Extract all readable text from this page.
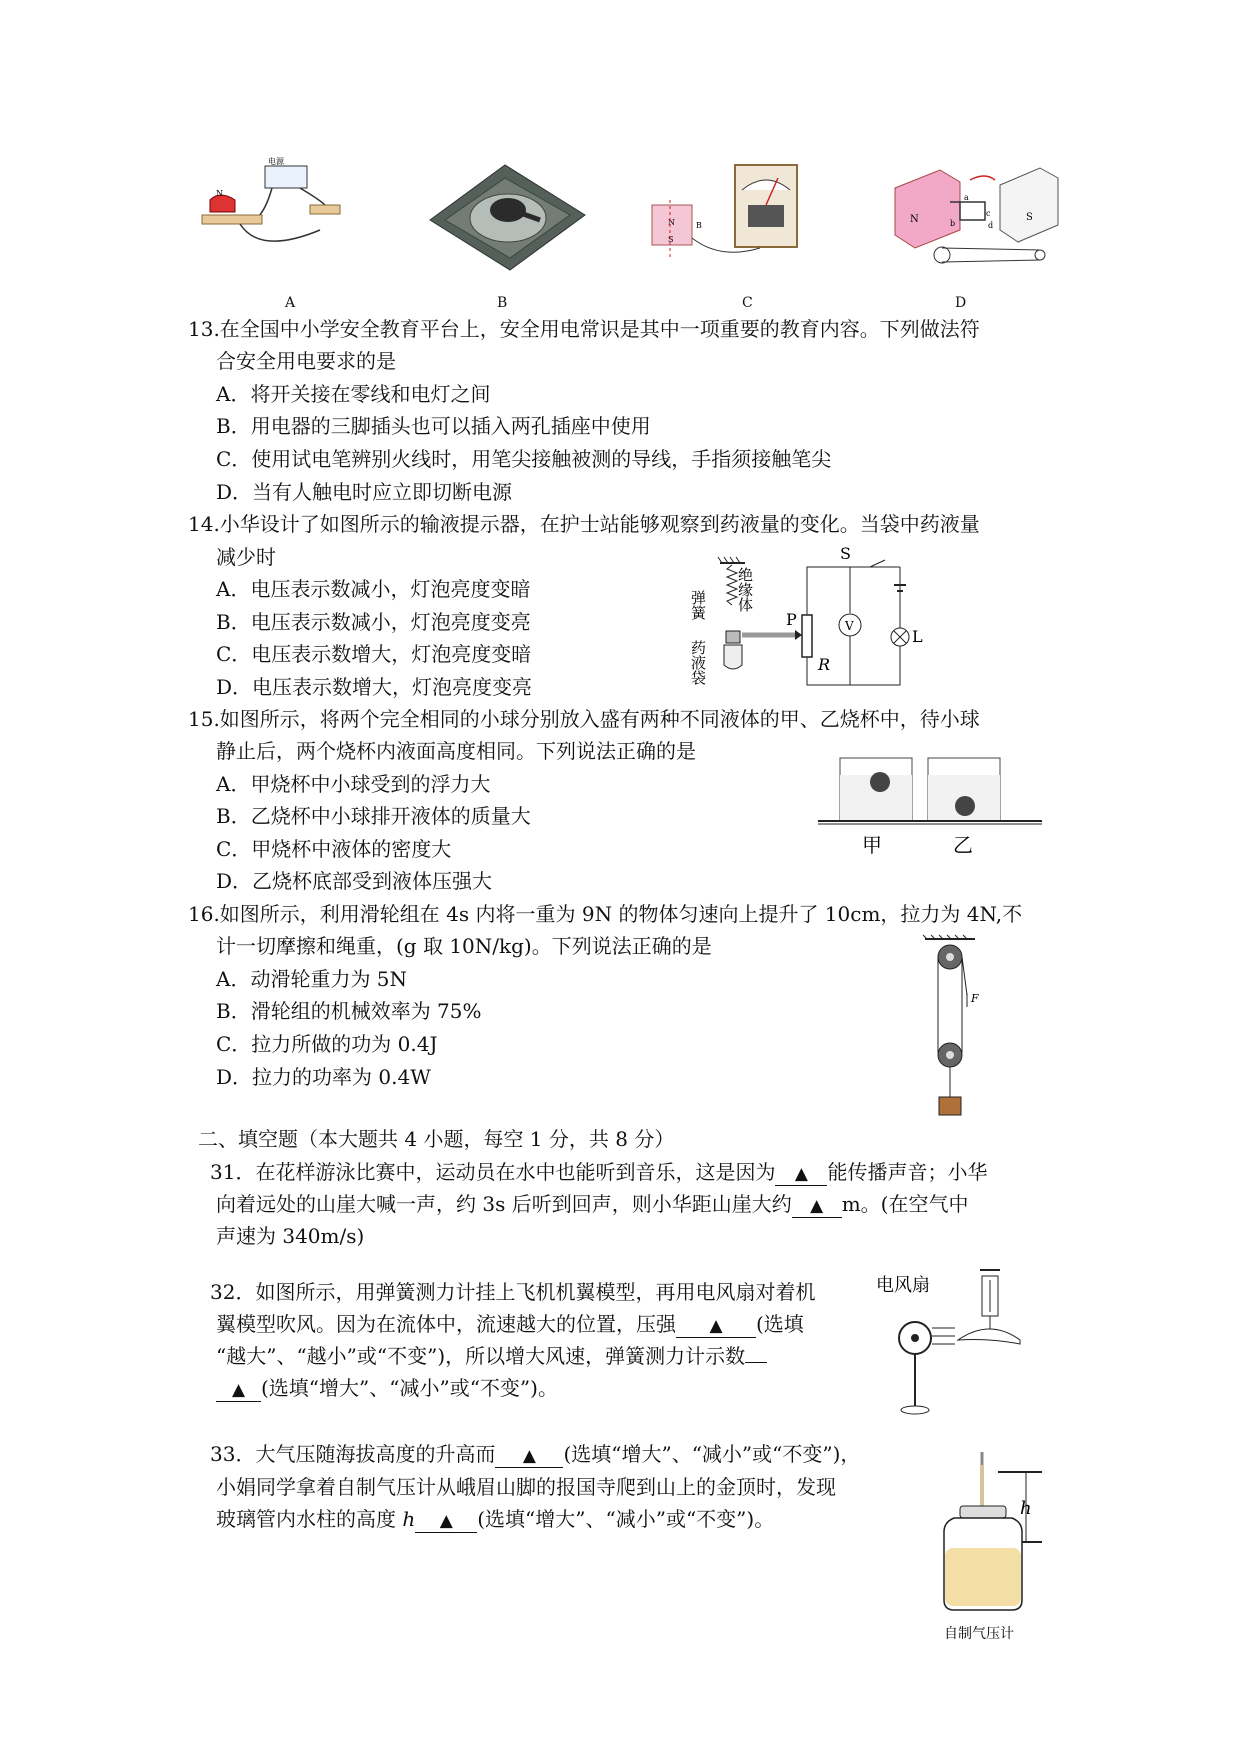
电源
N
A	B
N
S
B
C
N	S
a
b
c
d
D
13.在全国中小学安全教育平台上，安全用电常识是其中一项重要的教育内容。下列做法符
合安全用电要求的是
A．将开关接在零线和电灯之间
B．用电器的三脚插头也可以插入两孔插座中使用
C．使用试电笔辨别火线时，用笔尖接触被测的导线，手指须接触笔尖
D．当有人触电时应立即切断电源
14.小华设计了如图所示的输液提示器，在护士站能够观察到药液量的变化。当袋中药液量
减少时
A．电压表示数减小，灯泡亮度变暗
B．电压表示数减小，灯泡亮度变亮
C．电压表示数增大，灯泡亮度变暗
D．电压表示数增大，灯泡亮度变亮
弹簧 绝缘体
药液袋
P
R
V
S
L
15.如图所示，将两个完全相同的小球分别放入盛有两种不同液体的甲、乙烧杯中，待小球
静止后，两个烧杯内液面高度相同。下列说法正确的是
A．甲烧杯中小球受到的浮力大
B．乙烧杯中小球排开液体的质量大
C．甲烧杯中液体的密度大
D．乙烧杯底部受到液体压强大
甲	乙
16.如图所示，利用滑轮组在 4s 内将一重为 9N 的物体匀速向上提升了 10cm，拉力为 4N,不
计一切摩擦和绳重，(g 取 10N/kg)。下列说法正确的是
A．动滑轮重力为 5N
B．滑轮组的机械效率为 75%
C．拉力所做的功为 0.4J
D．拉力的功率为 0.4W
F
二、填空题（本大题共 4 小题，每空 1 分，共 8 分）
31．在花样游泳比赛中，运动员在水中也能听到音乐，这是因为 ▲ 能传播声音；小华
向着远处的山崖大喊一声，约 3s 后听到回声，则小华距山崖大约 ▲ m。(在空气中
声速为 340m/s)
32．如图所示，用弹簧测力计挂上飞机机翼模型，再用电风扇对着机
翼模型吹风。因为在流体中，流速越大的位置，压强 ▲ (选填
“越大”、“越小”或“不变”)，所以增大风速，弹簧测力计示数
▲ (选填“增大”、“减小”或“不变”)。
电风扇
33．大气压随海拔高度的升高而 ▲ (选填“增大”、“减小”或“不变”)，
小娟同学拿着自制气压计从峨眉山脚的报国寺爬到山上的金顶时，发现
玻璃管内水柱的高度 h ▲ (选填“增大”、“减小”或“不变”)。	h
自制气压计
